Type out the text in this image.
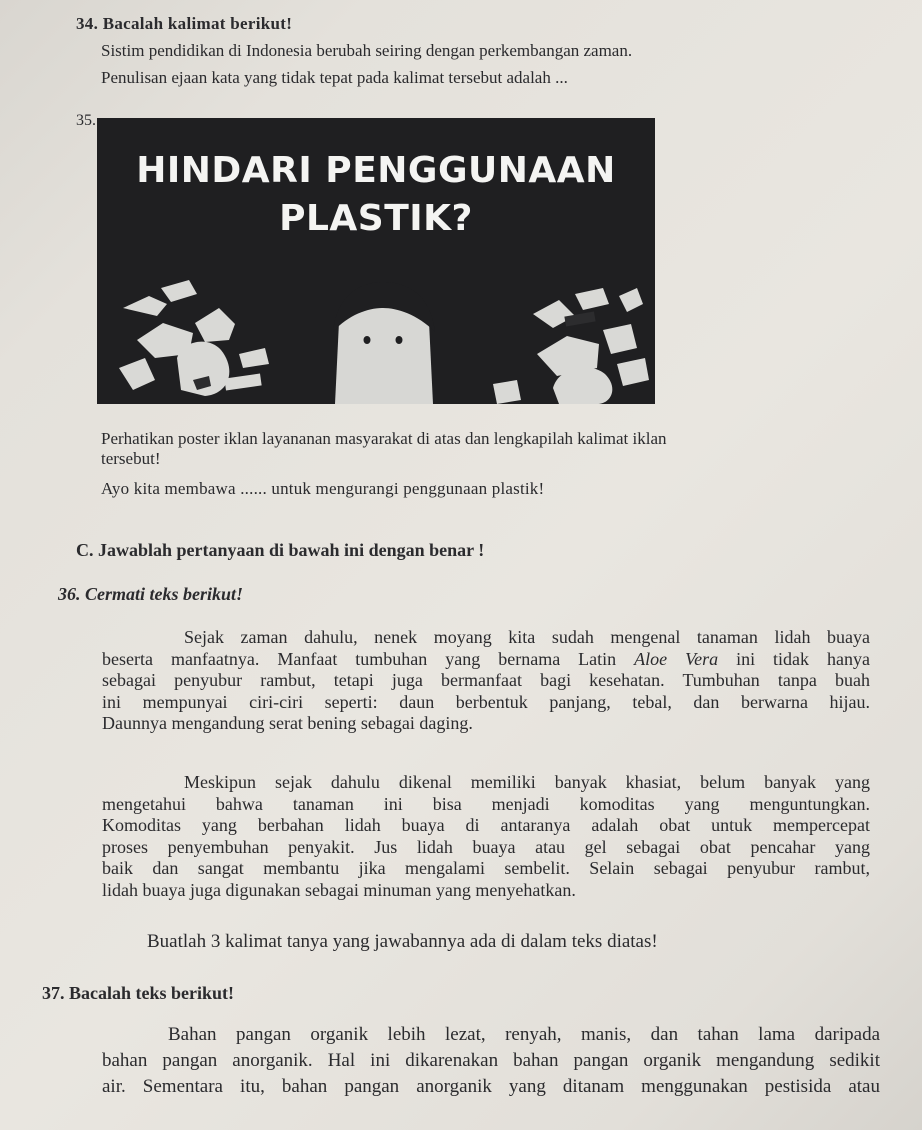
34. Bacalah kalimat berikut!

Sistim pendidikan di Indonesia berubah seiring dengan perkembangan zaman.

Penulisan ejaan kata yang tidak tepat pada kalimat tersebut adalah ...

35.

HINDARI PENGGUNAAN
PLASTIK?

Perhatikan poster iklan layananan masyarakat di atas dan lengkapilah kalimat iklan

tersebut!

Ayo kita membawa ...... untuk mengurangi penggunaan plastik!

C. Jawablah pertanyaan di bawah ini dengan benar !

36. Cermati teks berikut!

Sejak zaman dahulu, nenek moyang kita sudah mengenal tanaman lidah buaya
beserta manfaatnya. Manfaat tumbuhan yang bernama Latin Aloe Vera ini tidak hanya
sebagai penyubur rambut, tetapi juga bermanfaat bagi kesehatan. Tumbuhan tanpa buah
ini mempunyai ciri-ciri seperti: daun berbentuk panjang, tebal, dan berwarna hijau.
Daunnya mengandung serat bening sebagai daging.
Meskipun sejak dahulu dikenal memiliki banyak khasiat, belum banyak yang
mengetahui bahwa tanaman ini bisa menjadi komoditas yang menguntungkan.
Komoditas yang berbahan lidah buaya di antaranya adalah obat untuk mempercepat
proses penyembuhan penyakit. Jus lidah buaya atau gel sebagai obat pencahar yang
baik dan sangat membantu jika mengalami sembelit. Selain sebagai penyubur rambut,
lidah buaya juga digunakan sebagai minuman yang menyehatkan.

Buatlah 3 kalimat tanya yang jawabannya ada di dalam teks diatas!

37. Bacalah teks berikut!

Bahan pangan organik lebih lezat, renyah, manis, dan tahan lama daripada
bahan pangan anorganik. Hal ini dikarenakan bahan pangan organik mengandung sedikit
air. Sementara itu, bahan pangan anorganik yang ditanam menggunakan pestisida atau
